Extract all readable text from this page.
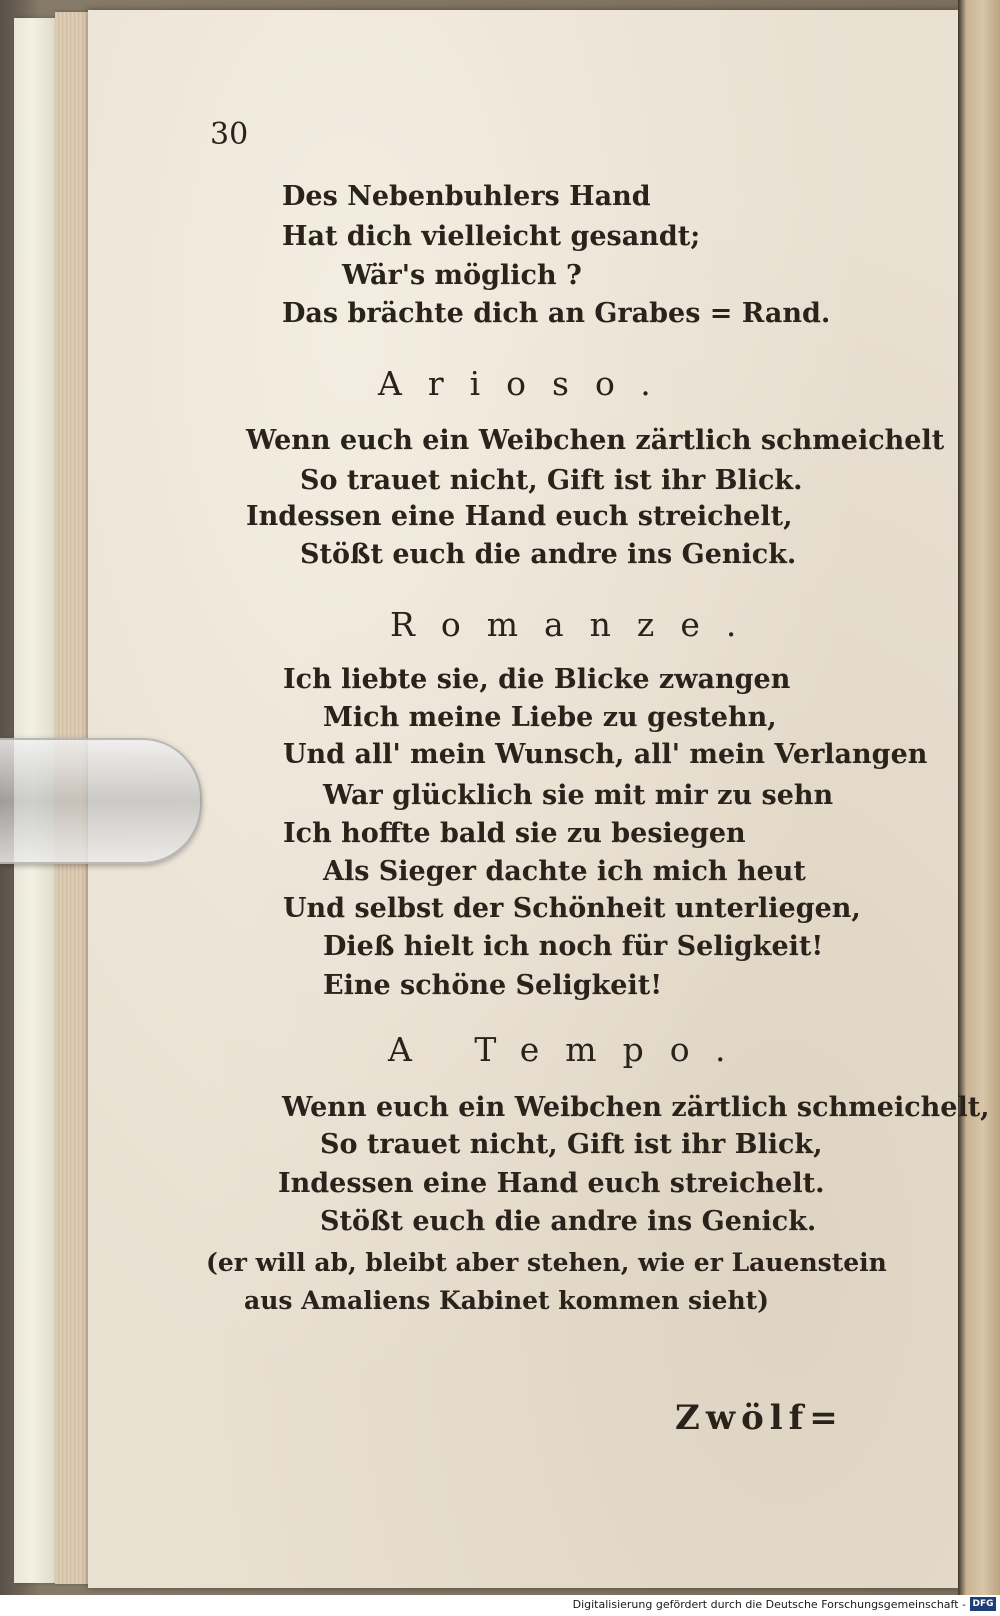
30
Des Nebenbuhlers Hand
Hat dich vielleicht gesandt;
Wär's möglich ?
Das brächte dich an Grabes = Rand.
Arioso.
Wenn euch ein Weibchen zärtlich schmeichelt
So trauet nicht, Gift ist ihr Blick.
Indessen eine Hand euch streichelt,
Stößt euch die andre ins Genick.
Romanze.
Ich liebte sie, die Blicke zwangen
Mich meine Liebe zu gestehn,
Und all' mein Wunsch, all' mein Verlangen
War glücklich sie mit mir zu sehn
Ich hoffte bald sie zu besiegen
Als Sieger dachte ich mich heut
Und selbst der Schönheit unterliegen,
Dieß hielt ich noch für Seligkeit!
Eine schöne Seligkeit!
A Tempo.
Wenn euch ein Weibchen zärtlich schmeichelt,
So trauet nicht, Gift ist ihr Blick,
Indessen eine Hand euch streichelt.
Stößt euch die andre ins Genick.
(er will ab, bleibt aber stehen, wie er Lauenstein
aus Amaliens Kabinet kommen sieht)
Zwölf=
Digitalisierung gefördert durch die Deutsche Forschungsgemeinschaft - DFG
